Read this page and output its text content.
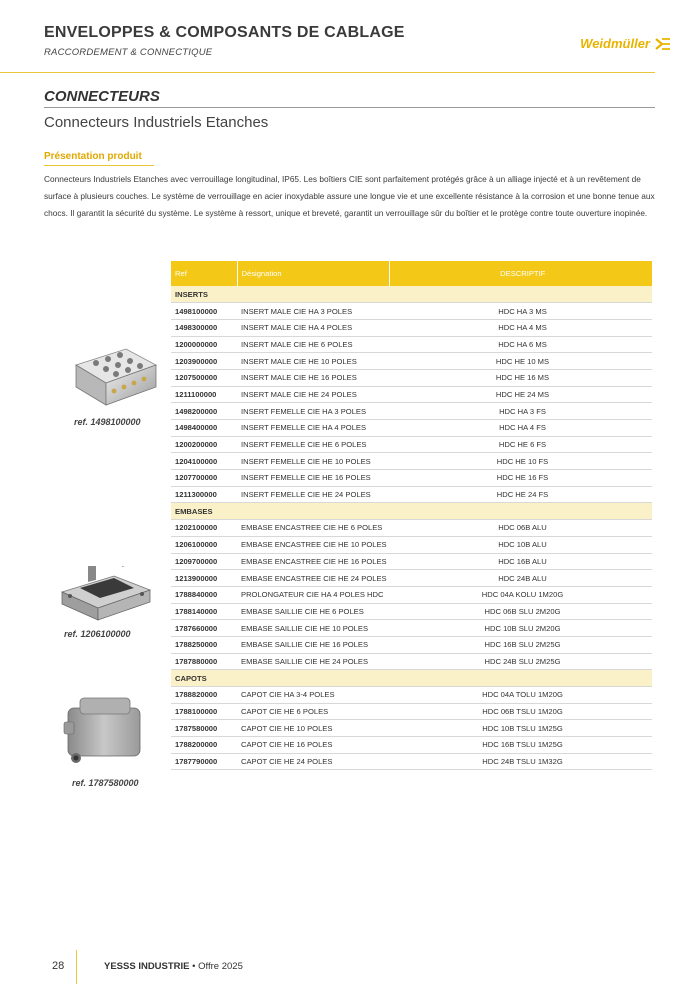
ENVELOPPES & COMPOSANTS DE CABLAGE
RACCORDEMENT & CONNECTIQUE
Weidmüller
CONNECTEURS
Connecteurs Industriels Etanches
Présentation produit
Connecteurs Industriels Etanches avec verrouillage longitudinal, IP65. Les boîtiers CIE sont parfaitement protégés grâce à un alliage injecté et à un revêtement de surface à plusieurs couches. Le système de verrouillage en acier inoxydable assure une longue vie et une excellente résistance à la corrosion et une bonne tenue aux chocs. Il garantit la sécurité du système. Le système à ressort, unique et breveté, garantit un verrouillage sûr du boîtier et le protège contre toute ouverture inopinée.
Ref	Désignation	DESCRIPTIF
INSERTS		
1498100000	INSERT MALE CIE HA 3 POLES	HDC HA 3 MS
1498300000	INSERT MALE CIE HA 4 POLES	HDC HA 4 MS
1200000000	INSERT MALE CIE HE 6 POLES	HDC HA 6 MS
1203900000	INSERT MALE CIE HE 10 POLES	HDC HE 10 MS
1207500000	INSERT MALE CIE HE 16 POLES	HDC HE 16 MS
1211100000	INSERT MALE CIE HE 24 POLES	HDC HE 24 MS
1498200000	INSERT FEMELLE CIE HA 3 POLES	HDC HA 3 FS
1498400000	INSERT FEMELLE CIE HA 4 POLES	HDC HA 4 FS
1200200000	INSERT FEMELLE CIE HE 6 POLES	HDC HE 6 FS
1204100000	INSERT FEMELLE CIE HE 10 POLES	HDC HE 10 FS
1207700000	INSERT FEMELLE CIE HE 16 POLES	HDC HE 16 FS
1211300000	INSERT FEMELLE CIE HE 24 POLES	HDC HE 24 FS
EMBASES		
1202100000	EMBASE ENCASTREE CIE HE 6 POLES	HDC 06B ALU
1206100000	EMBASE ENCASTREE CIE HE 10 POLES	HDC 10B ALU
1209700000	EMBASE ENCASTREE CIE HE 16 POLES	HDC 16B ALU
1213900000	EMBASE ENCASTREE CIE HE 24 POLES	HDC 24B ALU
1788840000	PROLONGATEUR CIE HA 4 POLES HDC	HDC 04A KOLU 1M20G
1788140000	EMBASE SAILLIE CIE HE 6 POLES	HDC 06B SLU 2M20G
1787660000	EMBASE SAILLIE CIE HE 10 POLES	HDC 10B SLU 2M20G
1788250000	EMBASE SAILLIE CIE HE 16 POLES	HDC 16B SLU 2M25G
1787880000	EMBASE SAILLIE CIE HE 24 POLES	HDC 24B SLU 2M25G
CAPOTS		
1788820000	CAPOT CIE HA 3-4 POLES	HDC 04A TOLU 1M20G
1788100000	CAPOT CIE HE 6 POLES	HDC 06B TSLU 1M20G
1787580000	CAPOT CIE HE 10 POLES	HDC 10B TSLU 1M25G
1788200000	CAPOT CIE HE 16 POLES	HDC 16B TSLU 1M25G
1787790000	CAPOT CIE HE 24 POLES	HDC 24B TSLU 1M32G
ref. 1498100000
ref. 1206100000
ref. 1787580000
28	YESSS INDUSTRIE • Offre 2025
